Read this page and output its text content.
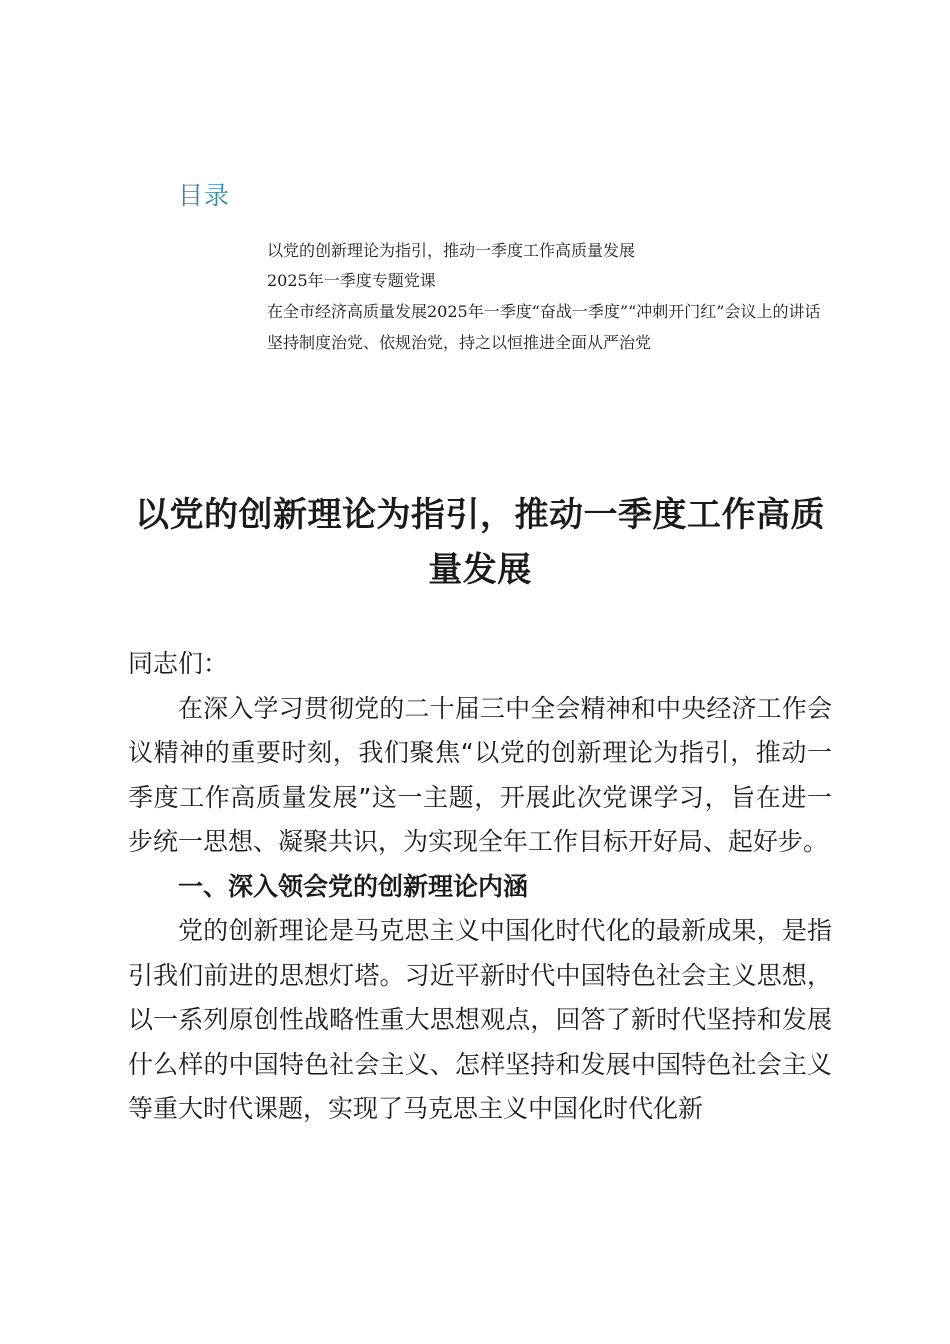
目录
以党的创新理论为指引，推动一季度工作高质量发展
2025年一季度专题党课
在全市经济高质量发展2025年一季度“奋战一季度”“冲刺开门红”会议上的讲话
坚持制度治党、依规治党，持之以恒推进全面从严治党
以党的创新理论为指引，推动一季度工作高质量发展

同志们：

在深入学习贯彻党的二十届三中全会精神和中央经济工作会议精神的重要时刻，我们聚焦“以党的创新理论为指引，推动一季度工作高质量发展”这一主题，开展此次党课学习，旨在进一步统一思想、凝聚共识，为实现全年工作目标开好局、起好步。

一、深入领会党的创新理论内涵

党的创新理论是马克思主义中国化时代化的最新成果，是指引我们前进的思想灯塔。习近平新时代中国特色社会主义思想，以一系列原创性战略性重大思想观点，回答了新时代坚持和发展什么样的中国特色社会主义、怎样坚持和发展中国特色社会主义等重大时代课题，实现了马克思主义中国化时代化新
